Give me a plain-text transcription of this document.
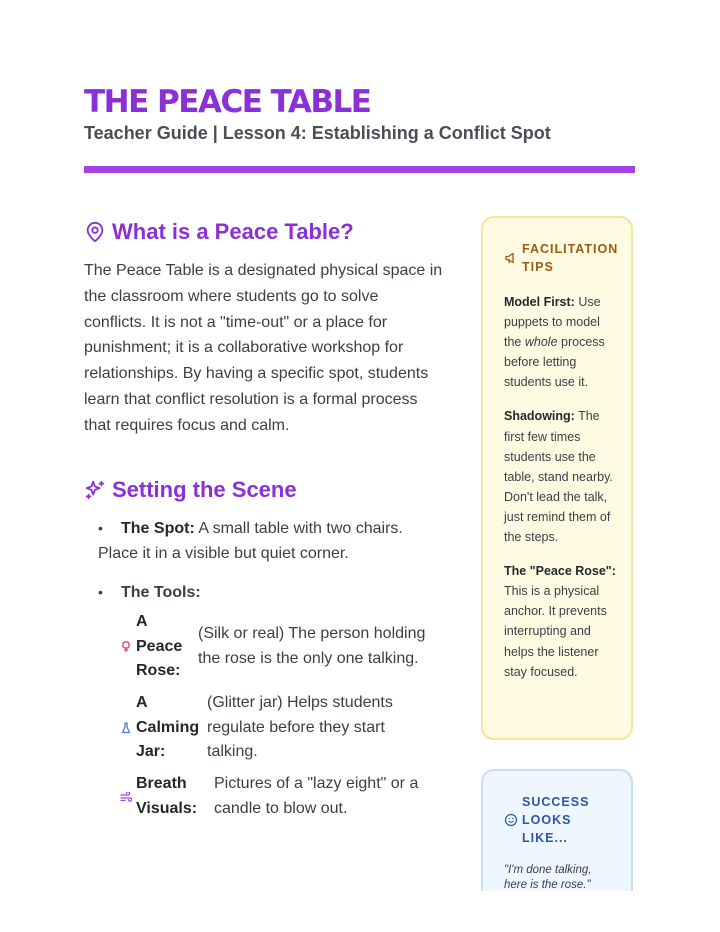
THE PEACE TABLE

Teacher Guide | Lesson 4: Establishing a Conflict Spot

What is a Peace Table?

The Peace Table is a designated physical space in the classroom where students go to solve conflicts. It is not a "time-out" or a place for punishment; it is a collaborative workshop for relationships. By having a specific spot, students learn that conflict resolution is a formal process that requires focus and calm.

Setting the Scene
•	The Spot: A small table with two chairs. Place it in a visible but quiet corner.
• The Tools:
A Peace Rose:
(Silk or real) The person holding the rose is the only one talking.
A Calming Jar:
(Glitter jar) Helps students regulate before they start talking.
Breath Visuals:
Pictures of a "lazy eight" or a candle to blow out.
FACILITATION TIPS

Model First: Use puppets to model the whole process before letting students use it.

Shadowing: The first few times students use the table, stand nearby. Don't lead the talk, just remind them of the steps.

The "Peace Rose": This is a physical anchor. It prevents interrupting and helps the listener stay focused.

SUCCESS LOOKS LIKE...

"I'm done talking, here is the rose."
